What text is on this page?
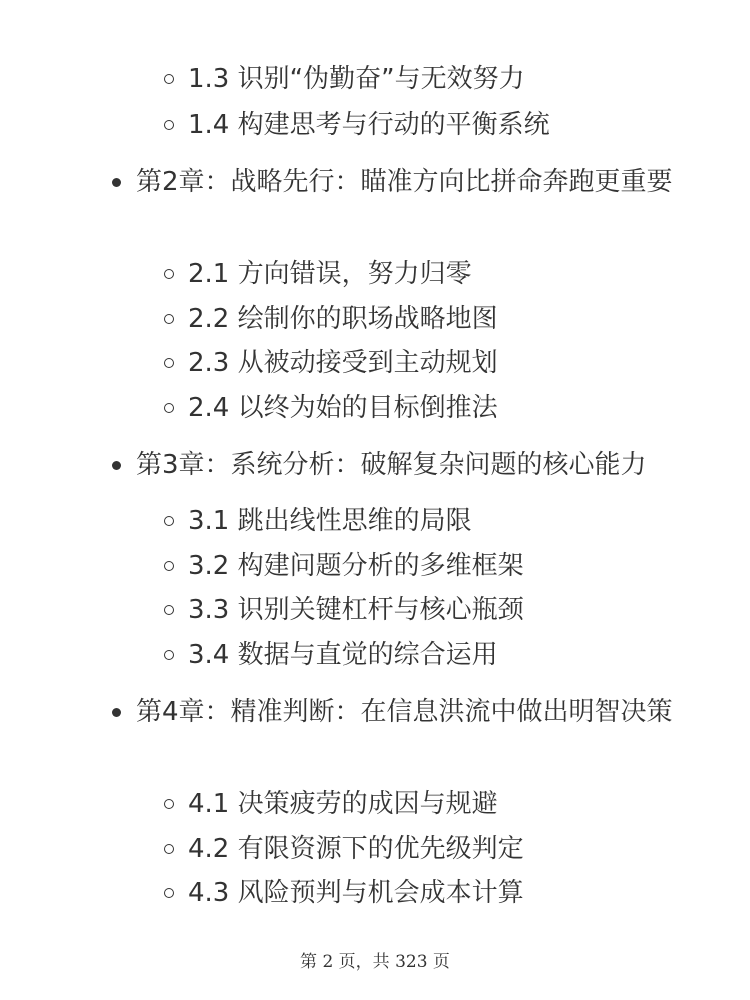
1.3 识别“伪勤奋”与无效努力
1.4 构建思考与行动的平衡系统
第2章：战略先行：瞄准方向比拼命奔跑更重要
2.1 方向错误，努力归零
2.2 绘制你的职场战略地图
2.3 从被动接受到主动规划
2.4 以终为始的目标倒推法
第3章：系统分析：破解复杂问题的核心能力
3.1 跳出线性思维的局限
3.2 构建问题分析的多维框架
3.3 识别关键杠杆与核心瓶颈
3.4 数据与直觉的综合运用
第4章：精准判断：在信息洪流中做出明智决策
4.1 决策疲劳的成因与规避
4.2 有限资源下的优先级判定
4.3 风险预判与机会成本计算
第 2 页，共 323 页
